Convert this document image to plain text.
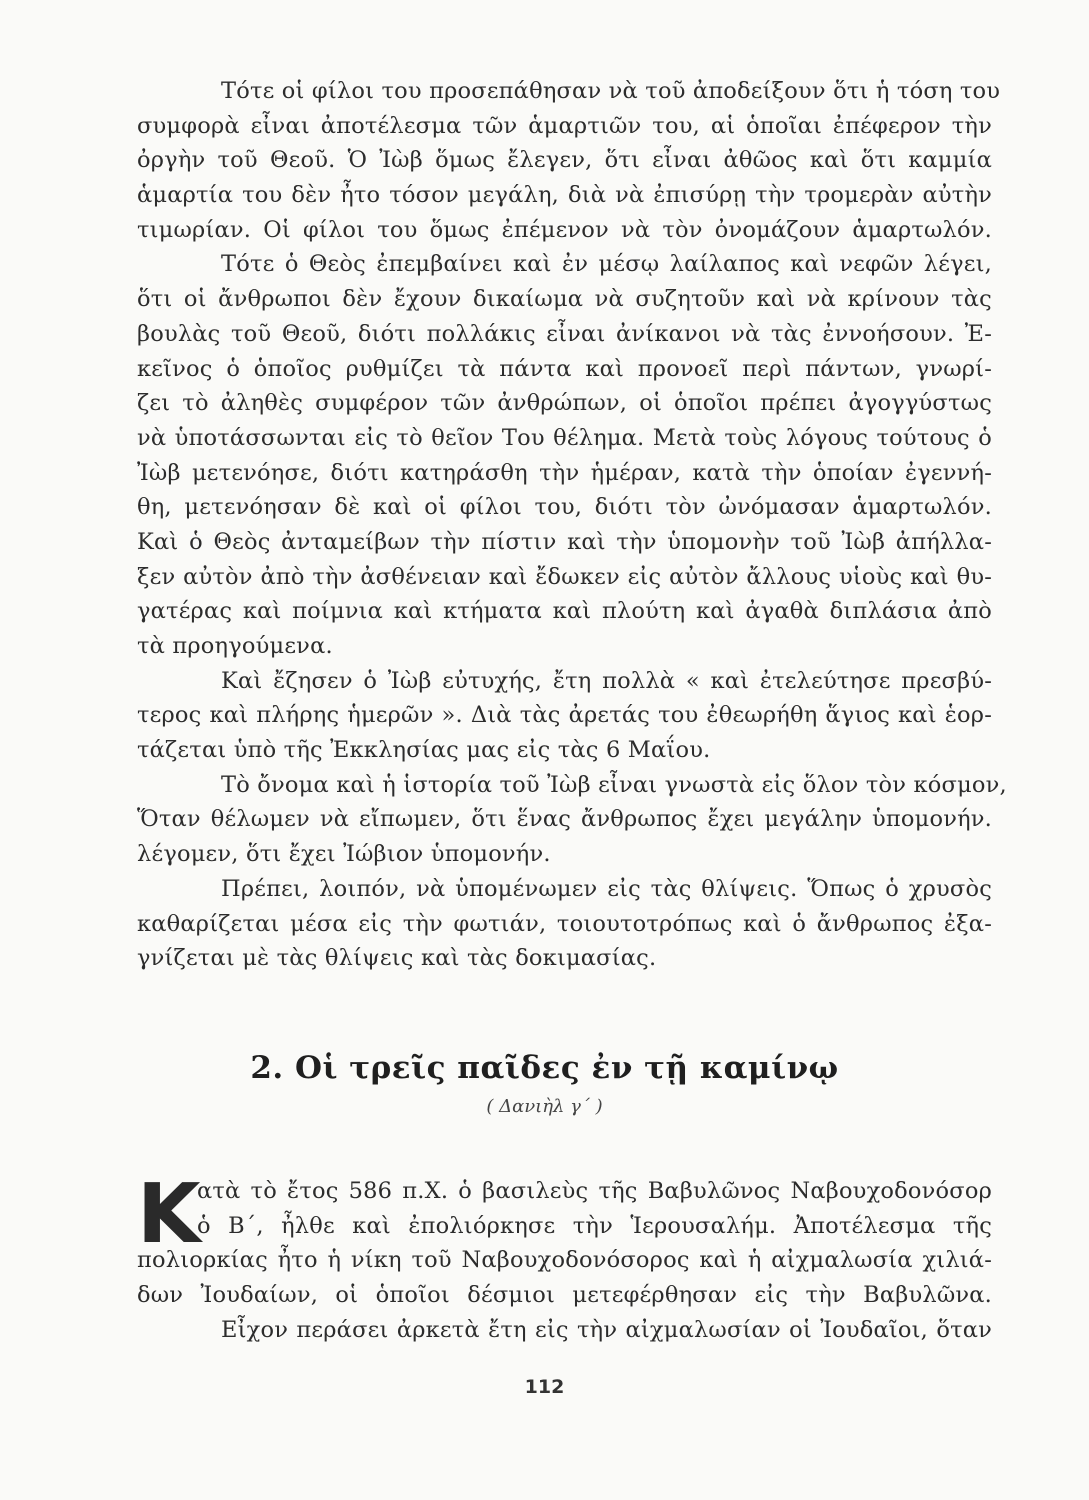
Τότε οἱ φίλοι του προσεπάθησαν νὰ τοῦ ἀποδείξουν ὅτι ἡ τόση του
συμφορὰ εἶναι ἀποτέλεσμα τῶν ἁμαρτιῶν του, αἱ ὁποῖαι ἐπέφερον τὴν
ὀργὴν τοῦ Θεοῦ. Ὁ Ἰὼβ ὅμως ἔλεγεν, ὅτι εἶναι ἀθῶος καὶ ὅτι καμμία
ἁμαρτία του δὲν ἦτο τόσον μεγάλη, διὰ νὰ ἐπισύρῃ τὴν τρομερὰν αὐτὴν
τιμωρίαν. Οἱ φίλοι του ὅμως ἐπέμενον νὰ τὸν ὀνομάζουν ἁμαρτωλόν.
Τότε ὁ Θεὸς ἐπεμβαίνει καὶ ἐν μέσῳ λαίλαπος καὶ νεφῶν λέγει,
ὅτι οἱ ἄνθρωποι δὲν ἔχουν δικαίωμα νὰ συζητοῦν καὶ νὰ κρίνουν τὰς
βουλὰς τοῦ Θεοῦ, διότι πολλάκις εἶναι ἀνίκανοι νὰ τὰς ἐννοήσουν. Ἐ-
κεῖνος ὁ ὁποῖος ρυθμίζει τὰ πάντα καὶ προνοεῖ περὶ πάντων, γνωρί-
ζει τὸ ἀληθὲς συμφέρον τῶν ἀνθρώπων, οἱ ὁποῖοι πρέπει ἀγογγύστως
νὰ ὑποτάσσωνται εἰς τὸ θεῖον Του θέλημα. Μετὰ τοὺς λόγους τούτους ὁ
Ἰὼβ μετενόησε, διότι κατηράσθη τὴν ἡμέραν, κατὰ τὴν ὁποίαν ἐγεννή-
θη, μετενόησαν δὲ καὶ οἱ φίλοι του, διότι τὸν ὠνόμασαν ἁμαρτωλόν.
Καὶ ὁ Θεὸς ἀνταμείβων τὴν πίστιν καὶ τὴν ὑπομονὴν τοῦ Ἰὼβ ἀπήλλα-
ξεν αὐτὸν ἀπὸ τὴν ἀσθένειαν καὶ ἔδωκεν εἰς αὐτὸν ἄλλους υἱοὺς καὶ θυ-
γατέρας καὶ ποίμνια καὶ κτήματα καὶ πλούτη καὶ ἀγαθὰ διπλάσια ἀπὸ
τὰ προηγούμενα.
Καὶ ἔζησεν ὁ Ἰὼβ εὐτυχής, ἔτη πολλὰ « καὶ ἐτελεύτησε πρεσβύ-
τερος καὶ πλήρης ἡμερῶν ». Διὰ τὰς ἀρετάς του ἐθεωρήθη ἅγιος καὶ ἑορ-
τάζεται ὑπὸ τῆς Ἐκκλησίας μας εἰς τὰς 6 Μαΐου.
Τὸ ὄνομα καὶ ἡ ἱστορία τοῦ Ἰὼβ εἶναι γνωστὰ εἰς ὅλον τὸν κόσμον,
Ὅταν θέλωμεν νὰ εἴπωμεν, ὅτι ἕνας ἄνθρωπος ἔχει μεγάλην ὑπομονήν.
λέγομεν, ὅτι ἔχει Ἰώβιον ὑπομονήν.
Πρέπει, λοιπόν, νὰ ὑπομένωμεν εἰς τὰς θλίψεις. Ὅπως ὁ χρυσὸς
καθαρίζεται μέσα εἰς τὴν φωτιάν, τοιουτοτρόπως καὶ ὁ ἄνθρωπος ἐξα-
γνίζεται μὲ τὰς θλίψεις καὶ τὰς δοκιμασίας.
2. Οἱ τρεῖς παῖδες ἐν τῇ καμίνῳ
( Δανιὴλ γ΄ )
Κ
ατὰ τὸ ἔτος 586 π.Χ. ὁ βασιλεὺς τῆς Βαβυλῶνος Ναβουχοδονόσορ
ὁ Β΄, ἦλθε καὶ ἐπολιόρκησε τὴν Ἱερουσαλήμ. Ἀποτέλεσμα τῆς
πολιορκίας ἦτο ἡ νίκη τοῦ Ναβουχοδονόσορος καὶ ἡ αἰχμαλωσία χιλιά-
δων Ἰουδαίων, οἱ ὁποῖοι δέσμιοι μετεφέρθησαν εἰς τὴν Βαβυλῶνα.
Εἶχον περάσει ἀρκετὰ ἔτη εἰς τὴν αἰχμαλωσίαν οἱ Ἰουδαῖοι, ὅταν
112
